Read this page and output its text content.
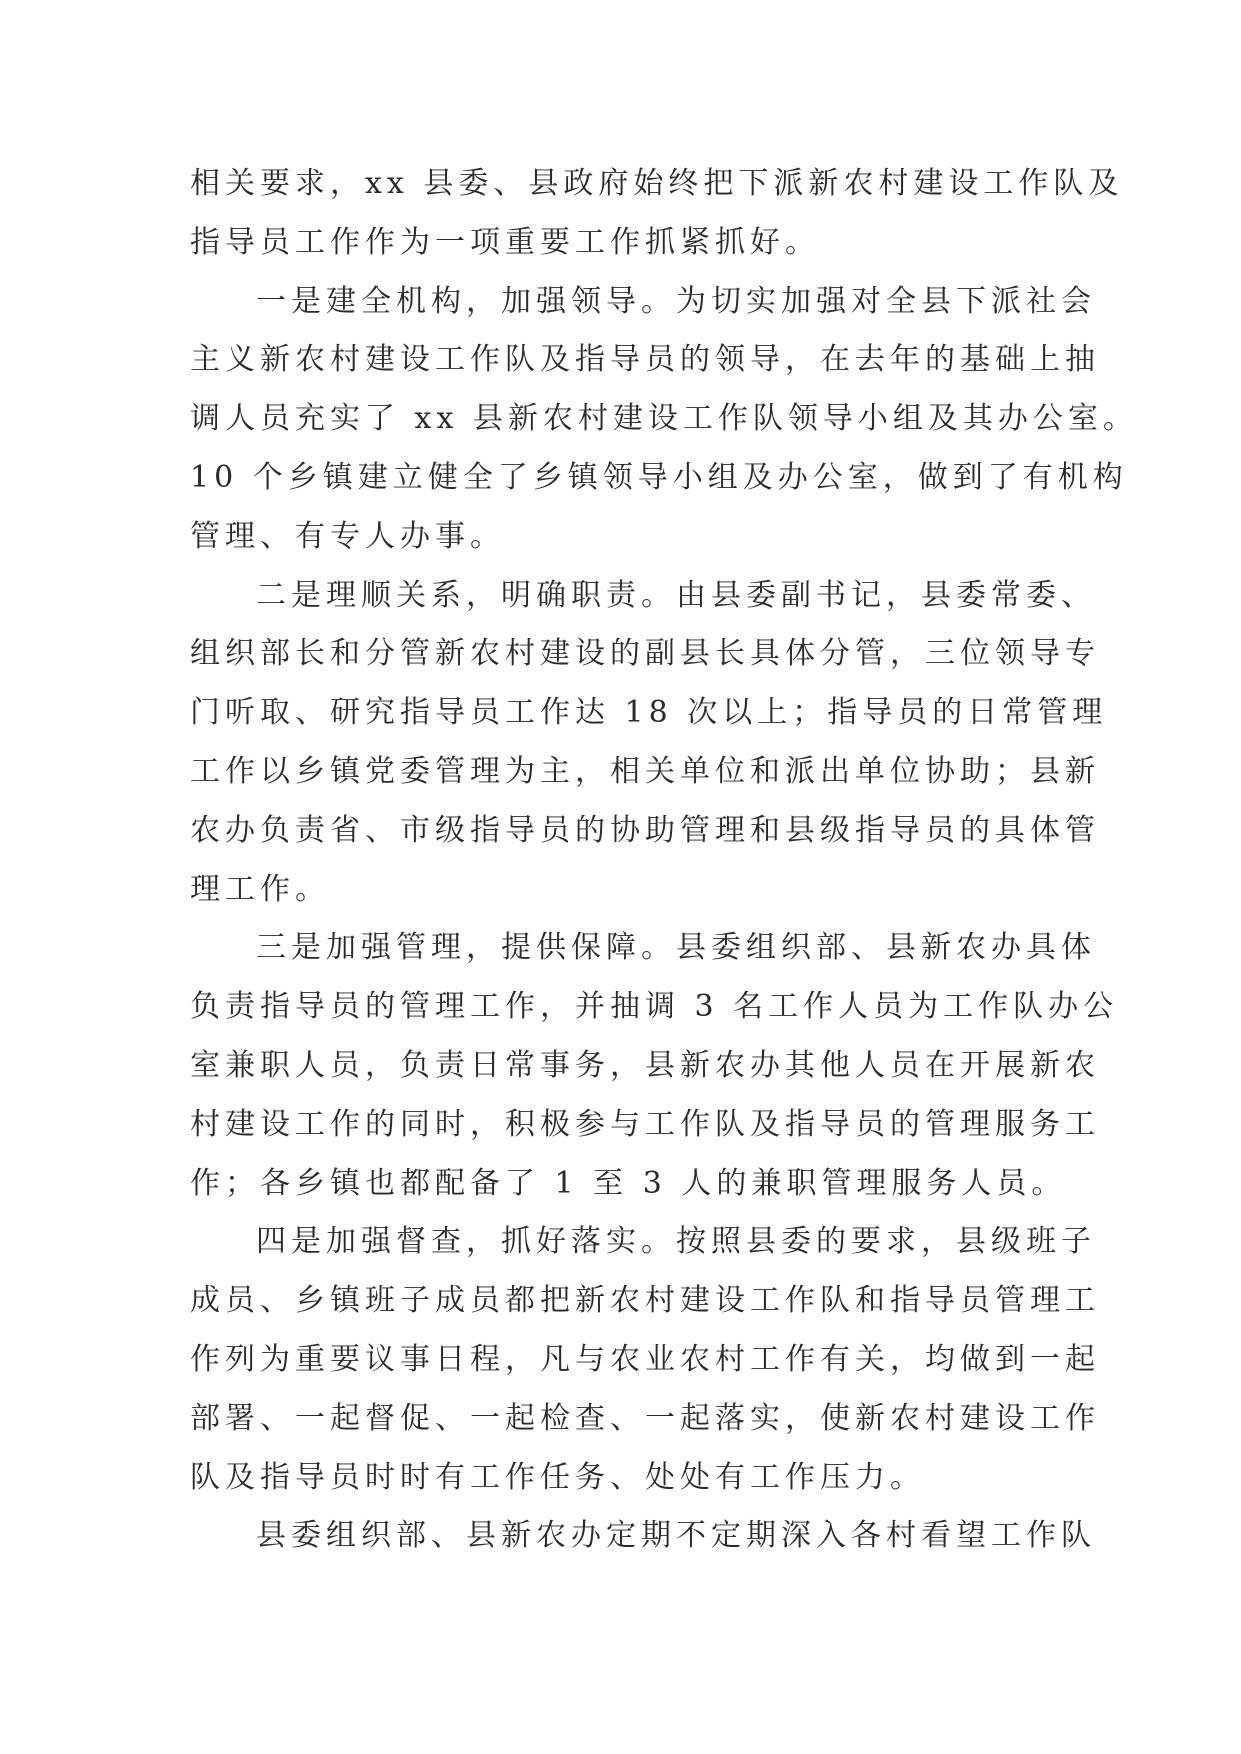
相关要求，xx 县委、县政府始终把下派新农村建设工作队及
指导员工作作为一项重要工作抓紧抓好。
一是建全机构，加强领导。为切实加强对全县下派社会
主义新农村建设工作队及指导员的领导，在去年的基础上抽
调人员充实了 xx 县新农村建设工作队领导小组及其办公室。
10 个乡镇建立健全了乡镇领导小组及办公室，做到了有机构
管理、有专人办事。
二是理顺关系，明确职责。由县委副书记，县委常委、
组织部长和分管新农村建设的副县长具体分管，三位领导专
门听取、研究指导员工作达 18 次以上；指导员的日常管理
工作以乡镇党委管理为主，相关单位和派出单位协助；县新
农办负责省、市级指导员的协助管理和县级指导员的具体管
理工作。
三是加强管理，提供保障。县委组织部、县新农办具体
负责指导员的管理工作，并抽调 3 名工作人员为工作队办公
室兼职人员，负责日常事务，县新农办其他人员在开展新农
村建设工作的同时，积极参与工作队及指导员的管理服务工
作；各乡镇也都配备了 1 至 3 人的兼职管理服务人员。
四是加强督查，抓好落实。按照县委的要求，县级班子
成员、乡镇班子成员都把新农村建设工作队和指导员管理工
作列为重要议事日程，凡与农业农村工作有关，均做到一起
部署、一起督促、一起检查、一起落实，使新农村建设工作
队及指导员时时有工作任务、处处有工作压力。
县委组织部、县新农办定期不定期深入各村看望工作队
